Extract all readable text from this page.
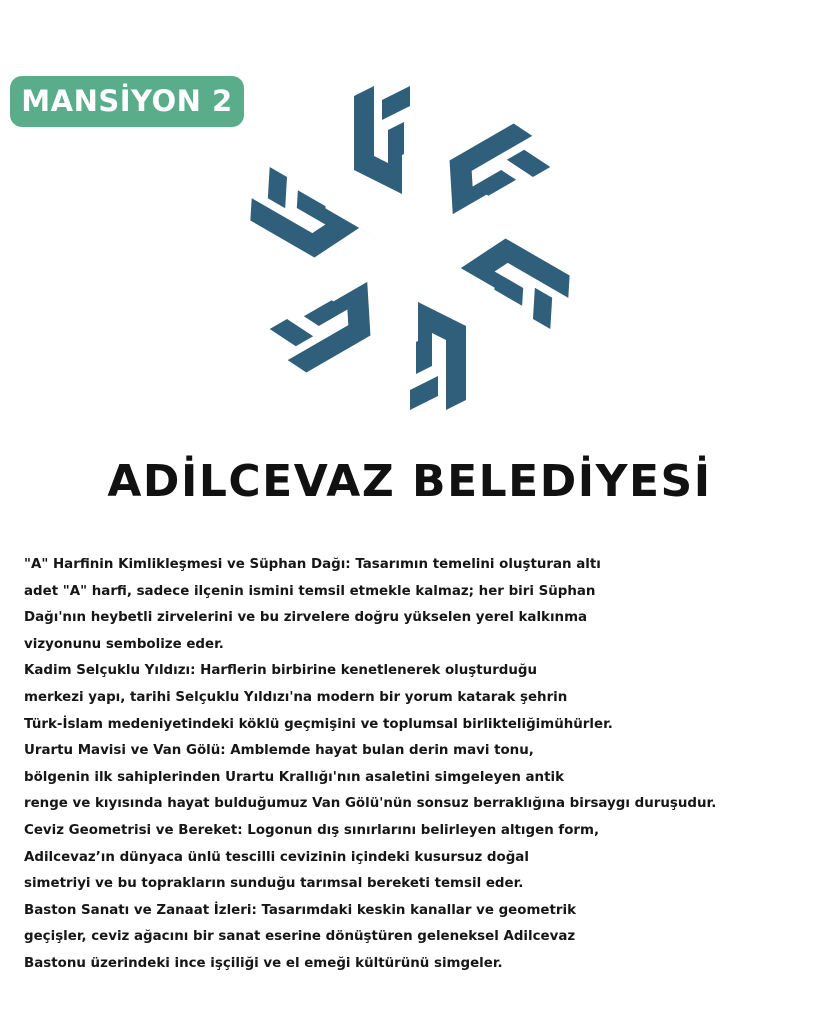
MANSİYON 2
ADİLCEVAZ BELEDİYESİ
"A" Harfinin Kimlikleşmesi ve Süphan Dağı: Tasarımın temelini oluşturan altı
adet "A" harfi, sadece ilçenin ismini temsil etmekle kalmaz; her biri Süphan
Dağı'nın heybetli zirvelerini ve bu zirvelere doğru yükselen yerel kalkınma
vizyonunu sembolize eder.
Kadim Selçuklu Yıldızı: Harflerin birbirine kenetlenerek oluşturduğu
merkezi yapı, tarihi Selçuklu Yıldızı'na modern bir yorum katarak şehrin
Türk-İslam medeniyetindeki köklü geçmişini ve toplumsal birlikteliğimühürler.
Urartu Mavisi ve Van Gölü: Amblemde hayat bulan derin mavi tonu,
bölgenin ilk sahiplerinden Urartu Krallığı'nın asaletini simgeleyen antik
renge ve kıyısında hayat bulduğumuz Van Gölü'nün sonsuz berraklığına birsaygı duruşudur.
Ceviz Geometrisi ve Bereket: Logonun dış sınırlarını belirleyen altıgen form,
Adilcevaz’ın dünyaca ünlü tescilli cevizinin içindeki kusursuz doğal
simetriyi ve bu toprakların sunduğu tarımsal bereketi temsil eder.
Baston Sanatı ve Zanaat İzleri: Tasarımdaki keskin kanallar ve geometrik
geçişler, ceviz ağacını bir sanat eserine dönüştüren geleneksel Adilcevaz
Bastonu üzerindeki ince işçiliği ve el emeği kültürünü simgeler.
